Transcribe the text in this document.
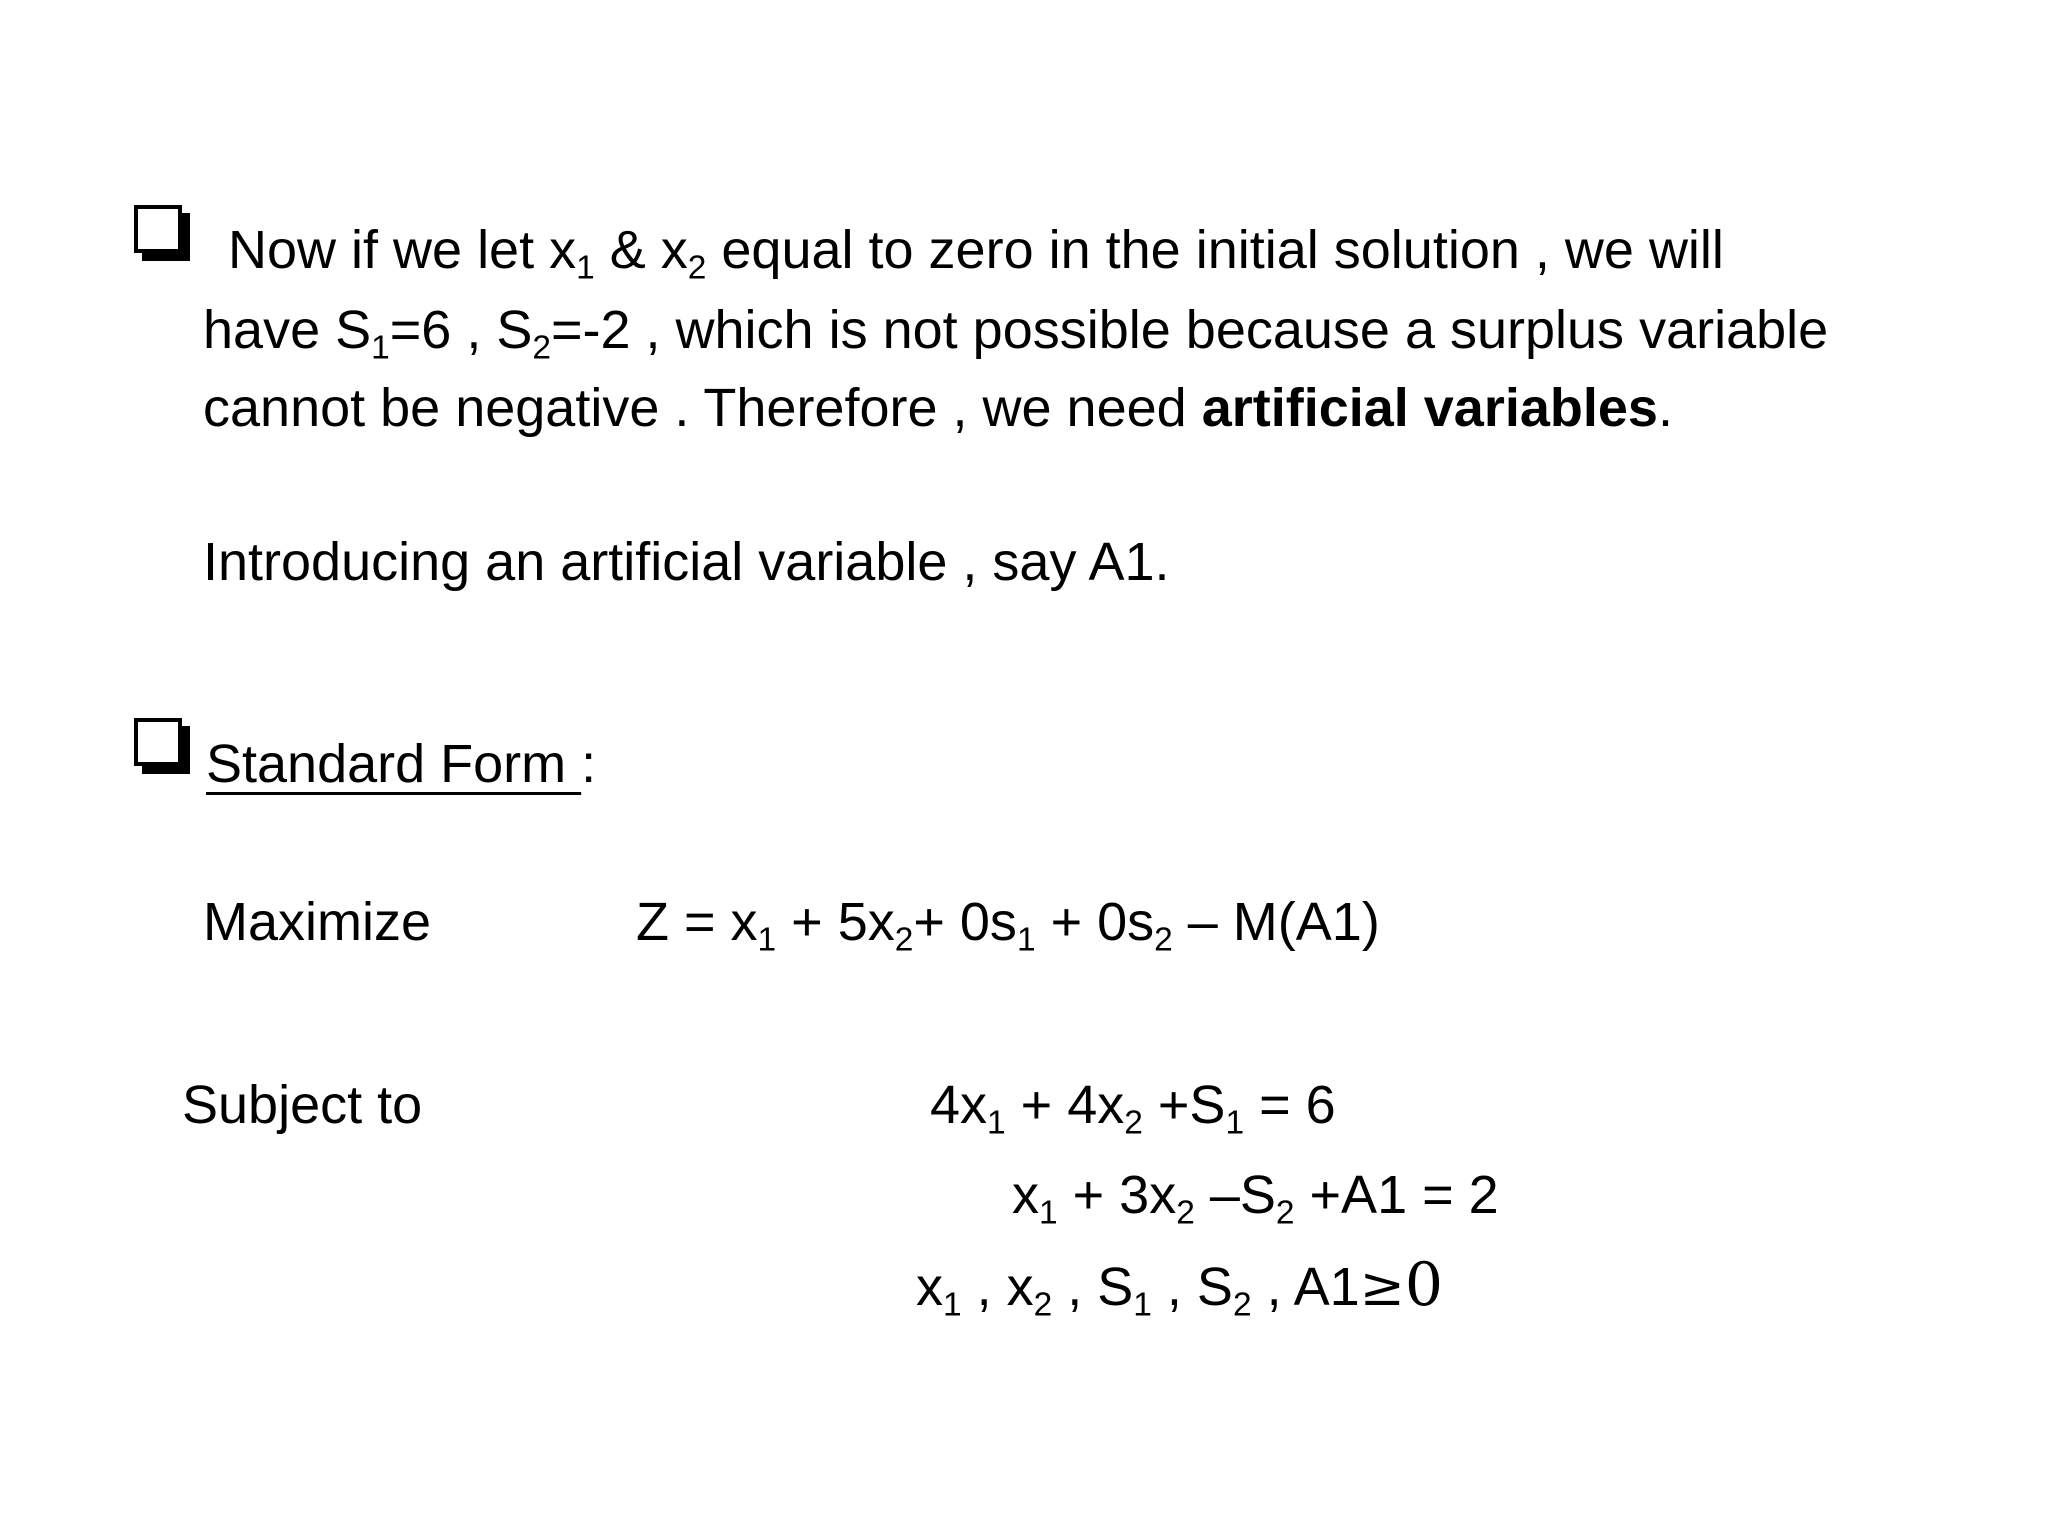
Now if we let $x_1$ & $x_2$ equal to zero in the initial solution , we will
have $S_1=6$ , $S_2=-2$ , which is not possible because a surplus variable
cannot be negative . Therefore , we need artificial variables.
Introducing an artificial variable , say A1.
Standard Form :
Maximize	$Z = x_1 + 5x_2+ 0s_1 + 0s_2 - M(A1)$
Subject to	$4x_1 + 4x_2 +S_1 = 6$
$x_1 + 3x_2$ $-S_2 +A1 = 2$
$x_1$ , $x_2$ , $S_1$ , $S_2$ , A1≥0
